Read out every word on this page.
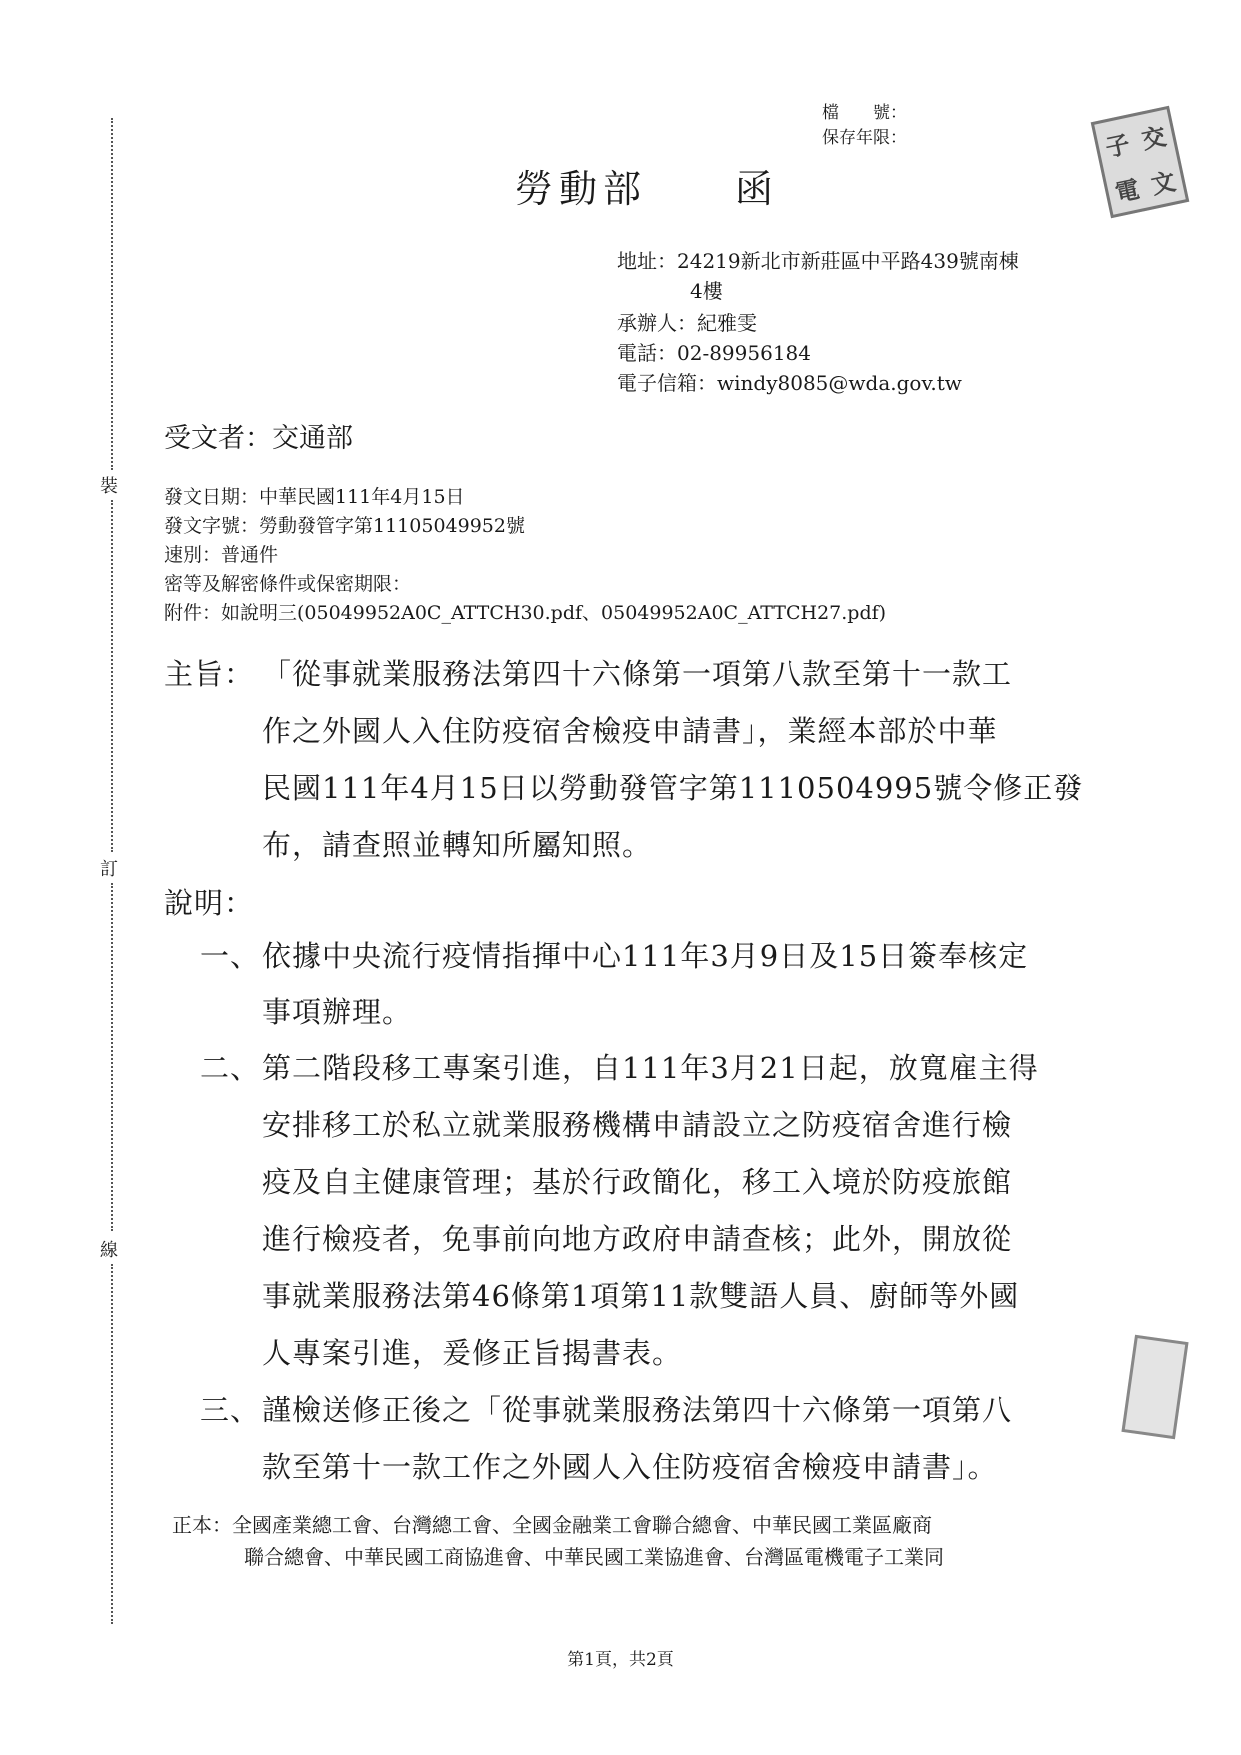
裝
訂
線
檔　　號：
保存年限：	子 交
電 文
勞動部　　函
地址：24219新北市新莊區中平路439號南棟
4樓
承辦人：紀雅雯
電話：02-89956184
電子信箱：windy8085@wda.gov.tw
受文者：交通部
發文日期：中華民國111年4月15日
發文字號：勞動發管字第11105049952號
速別：普通件
密等及解密條件或保密期限：
附件：如說明三(05049952A0C_ATTCH30.pdf、05049952A0C_ATTCH27.pdf)
主旨： 「從事就業服務法第四十六條第一項第八款至第十一款工
作之外國人入住防疫宿舍檢疫申請書」，業經本部於中華
民國111年4月15日以勞動發管字第1110504995號令修正發
布，請查照並轉知所屬知照。
說明：
一、 依據中央流行疫情指揮中心111年3月9日及15日簽奉核定
事項辦理。
二、 第二階段移工專案引進，自111年3月21日起，放寬雇主得
安排移工於私立就業服務機構申請設立之防疫宿舍進行檢
疫及自主健康管理；基於行政簡化，移工入境於防疫旅館
進行檢疫者，免事前向地方政府申請查核；此外，開放從
事就業服務法第46條第1項第11款雙語人員、廚師等外國
人專案引進，爰修正旨揭書表。
三、 謹檢送修正後之「從事就業服務法第四十六條第一項第八
款至第十一款工作之外國人入住防疫宿舍檢疫申請書」。
正本： 全國產業總工會、台灣總工會、全國金融業工會聯合總會、中華民國工業區廠商
聯合總會、中華民國工商協進會、中華民國工業協進會、台灣區電機電子工業同
第1頁，共2頁
